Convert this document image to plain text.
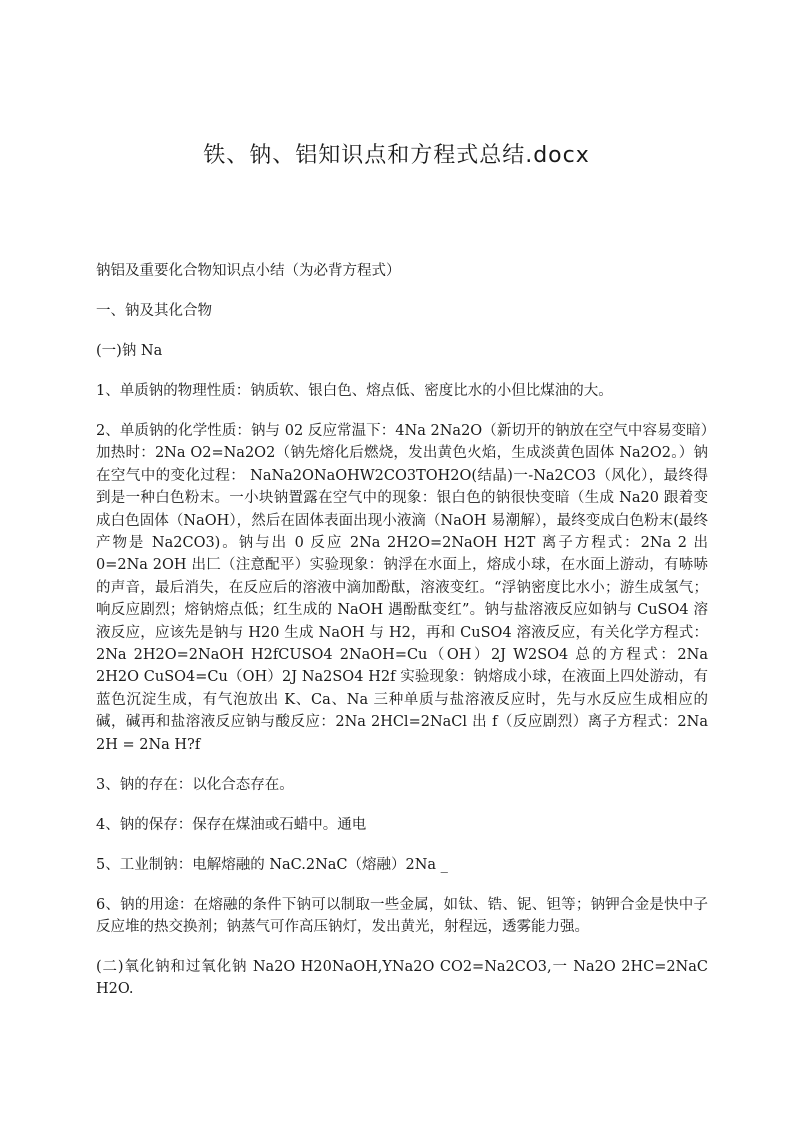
铁、钠、铝知识点和方程式总结.docx

钠铝及重要化合物知识点小结（为必背方程式）

一、钠及其化合物

(一)钠 Na

1、单质钠的物理性质：钠质软、银白色、熔点低、密度比水的小但比煤油的大。

2、单质钠的化学性质：钠与 02 反应常温下：4Na 2Na2O（新切开的钠放在空气中容易变暗）加热时：2Na O2=Na2O2（钠先熔化后燃烧，发出黄色火焰，生成淡黄色固体 Na2O2。）钠在空气中的变化过程： NaNa2ONaOHW2CO3TOH2O(结晶)一-Na2CO3（风化），最终得到是一种白色粉末。一小块钠置露在空气中的现象：银白色的钠很快变暗（生成 Na20 跟着变成白色固体（NaOH），然后在固体表面出现小液滴（NaOH 易潮解），最终变成白色粉末(最终产物是 Na2CO3)。钠与出 0 反应 2Na 2H2O=2NaOH H2T 离子方程式：2Na 2 出 0=2Na 2OH 出匚（注意配平）实验现象：钠浮在水面上，熔成小球，在水面上游动，有哧哧的声音，最后消失，在反应后的溶液中滴加酚酞，溶液变红。“浮钠密度比水小；游生成氢气；响反应剧烈；熔钠熔点低；红生成的 NaOH 遇酚酞变红”。钠与盐溶液反应如钠与 CuSO4 溶液反应，应该先是钠与 H20 生成 NaOH 与 H2，再和 CuSO4 溶液反应，有关化学方程式：2Na 2H2O=2NaOH H2fCUSO4 2NaOH=Cu（OH）2J W2SO4 总的方程式：2Na 2H2O CuSO4=Cu（OH）2J Na2SO4 H2f 实验现象：钠熔成小球，在液面上四处游动，有蓝色沉淀生成，有气泡放出 K、Ca、Na 三种单质与盐溶液反应时，先与水反应生成相应的碱，碱再和盐溶液反应钠与酸反应：2Na 2HCl=2NaCl 出 f（反应剧烈）离子方程式：2Na 2H = 2Na H?f

3、钠的存在：以化合态存在。

4、钠的保存：保存在煤油或石蜡中。通电

5、工业制钠：电解熔融的 NaC.2NaC（熔融）2Na _

6、钠的用途：在熔融的条件下钠可以制取一些金属，如钛、锆、铌、钽等；钠钾合金是快中子反应堆的热交换剂；钠蒸气可作高压钠灯，发出黄光，射程远，透雾能力强。

(二)氧化钠和过氧化钠 Na2O H20NaOH,YNa2O CO2=Na2CO3,一 Na2O 2HC=2NaC H2O.
